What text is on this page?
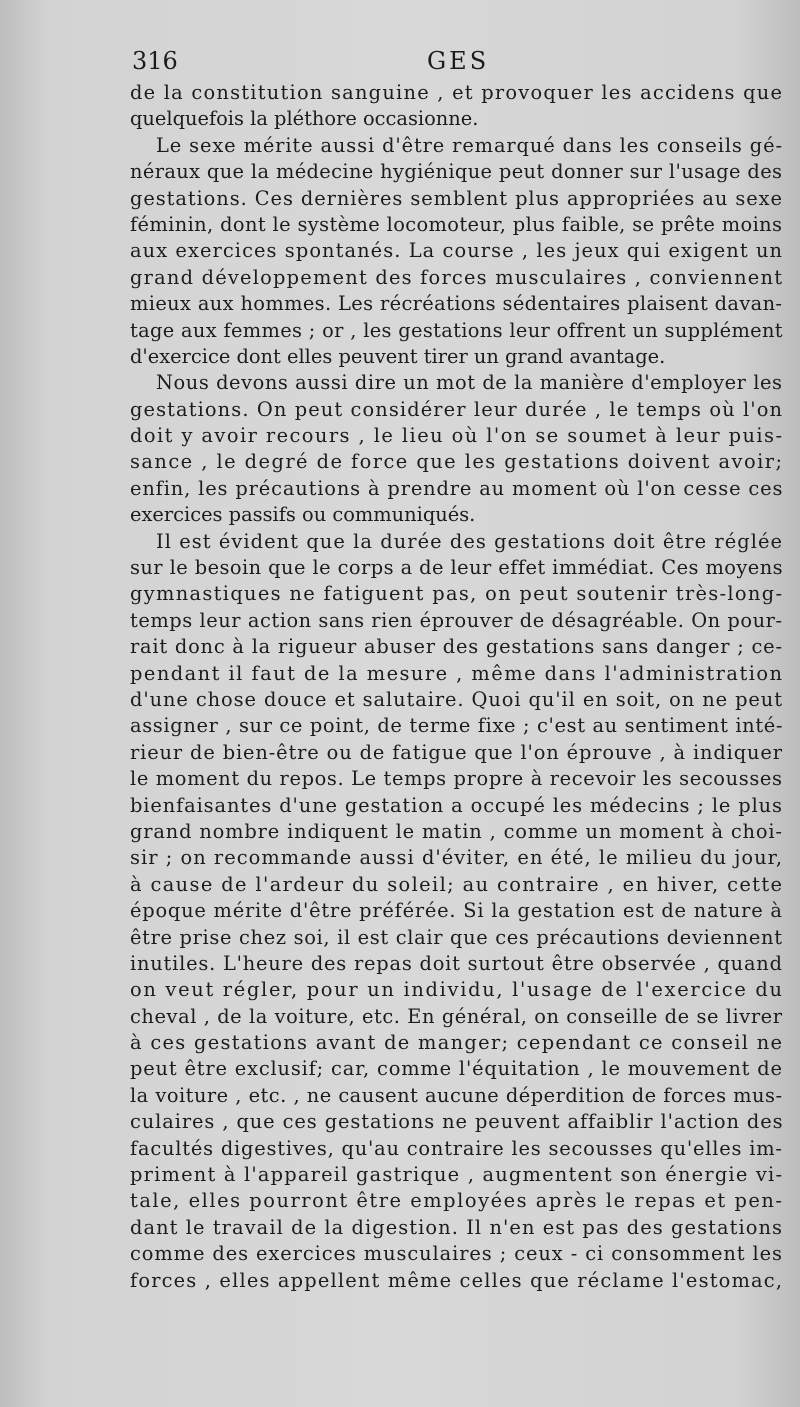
316	GES
de la constitution sanguine , et provoquer les accidens que
quelquefois la pléthore occasionne.
Le sexe mérite aussi d'être remarqué dans les conseils gé-
néraux que la médecine hygiénique peut donner sur l'usage des
gestations. Ces dernières semblent plus appropriées au sexe
féminin, dont le système locomoteur, plus faible, se prête moins
aux exercices spontanés. La course , les jeux qui exigent un
grand développement des forces musculaires , conviennent
mieux aux hommes. Les récréations sédentaires plaisent davan-
tage aux femmes ; or , les gestations leur offrent un supplément
d'exercice dont elles peuvent tirer un grand avantage.
Nous devons aussi dire un mot de la manière d'employer les
gestations. On peut considérer leur durée , le temps où l'on
doit y avoir recours , le lieu où l'on se soumet à leur puis-
sance , le degré de force que les gestations doivent avoir;
enfin, les précautions à prendre au moment où l'on cesse ces
exercices passifs ou communiqués.
Il est évident que la durée des gestations doit être réglée
sur le besoin que le corps a de leur effet immédiat. Ces moyens
gymnastiques ne fatiguent pas, on peut soutenir très-long-
temps leur action sans rien éprouver de désagréable. On pour-
rait donc à la rigueur abuser des gestations sans danger ; ce-
pendant il faut de la mesure , même dans l'administration
d'une chose douce et salutaire. Quoi qu'il en soit, on ne peut
assigner , sur ce point, de terme fixe ; c'est au sentiment inté-
rieur de bien-être ou de fatigue que l'on éprouve , à indiquer
le moment du repos. Le temps propre à recevoir les secousses
bienfaisantes d'une gestation a occupé les médecins ; le plus
grand nombre indiquent le matin , comme un moment à choi-
sir ; on recommande aussi d'éviter, en été, le milieu du jour,
à cause de l'ardeur du soleil; au contraire , en hiver, cette
époque mérite d'être préférée. Si la gestation est de nature à
être prise chez soi, il est clair que ces précautions deviennent
inutiles. L'heure des repas doit surtout être observée , quand
on veut régler, pour un individu, l'usage de l'exercice du
cheval , de la voiture, etc. En général, on conseille de se livrer
à ces gestations avant de manger; cependant ce conseil ne
peut être exclusif; car, comme l'équitation , le mouvement de
la voiture , etc. , ne causent aucune déperdition de forces mus-
culaires , que ces gestations ne peuvent affaiblir l'action des
facultés digestives, qu'au contraire les secousses qu'elles im-
priment à l'appareil gastrique , augmentent son énergie vi-
tale, elles pourront être employées après le repas et pen-
dant le travail de la digestion. Il n'en est pas des gestations
comme des exercices musculaires ; ceux - ci consomment les
forces , elles appellent même celles que réclame l'estomac,
